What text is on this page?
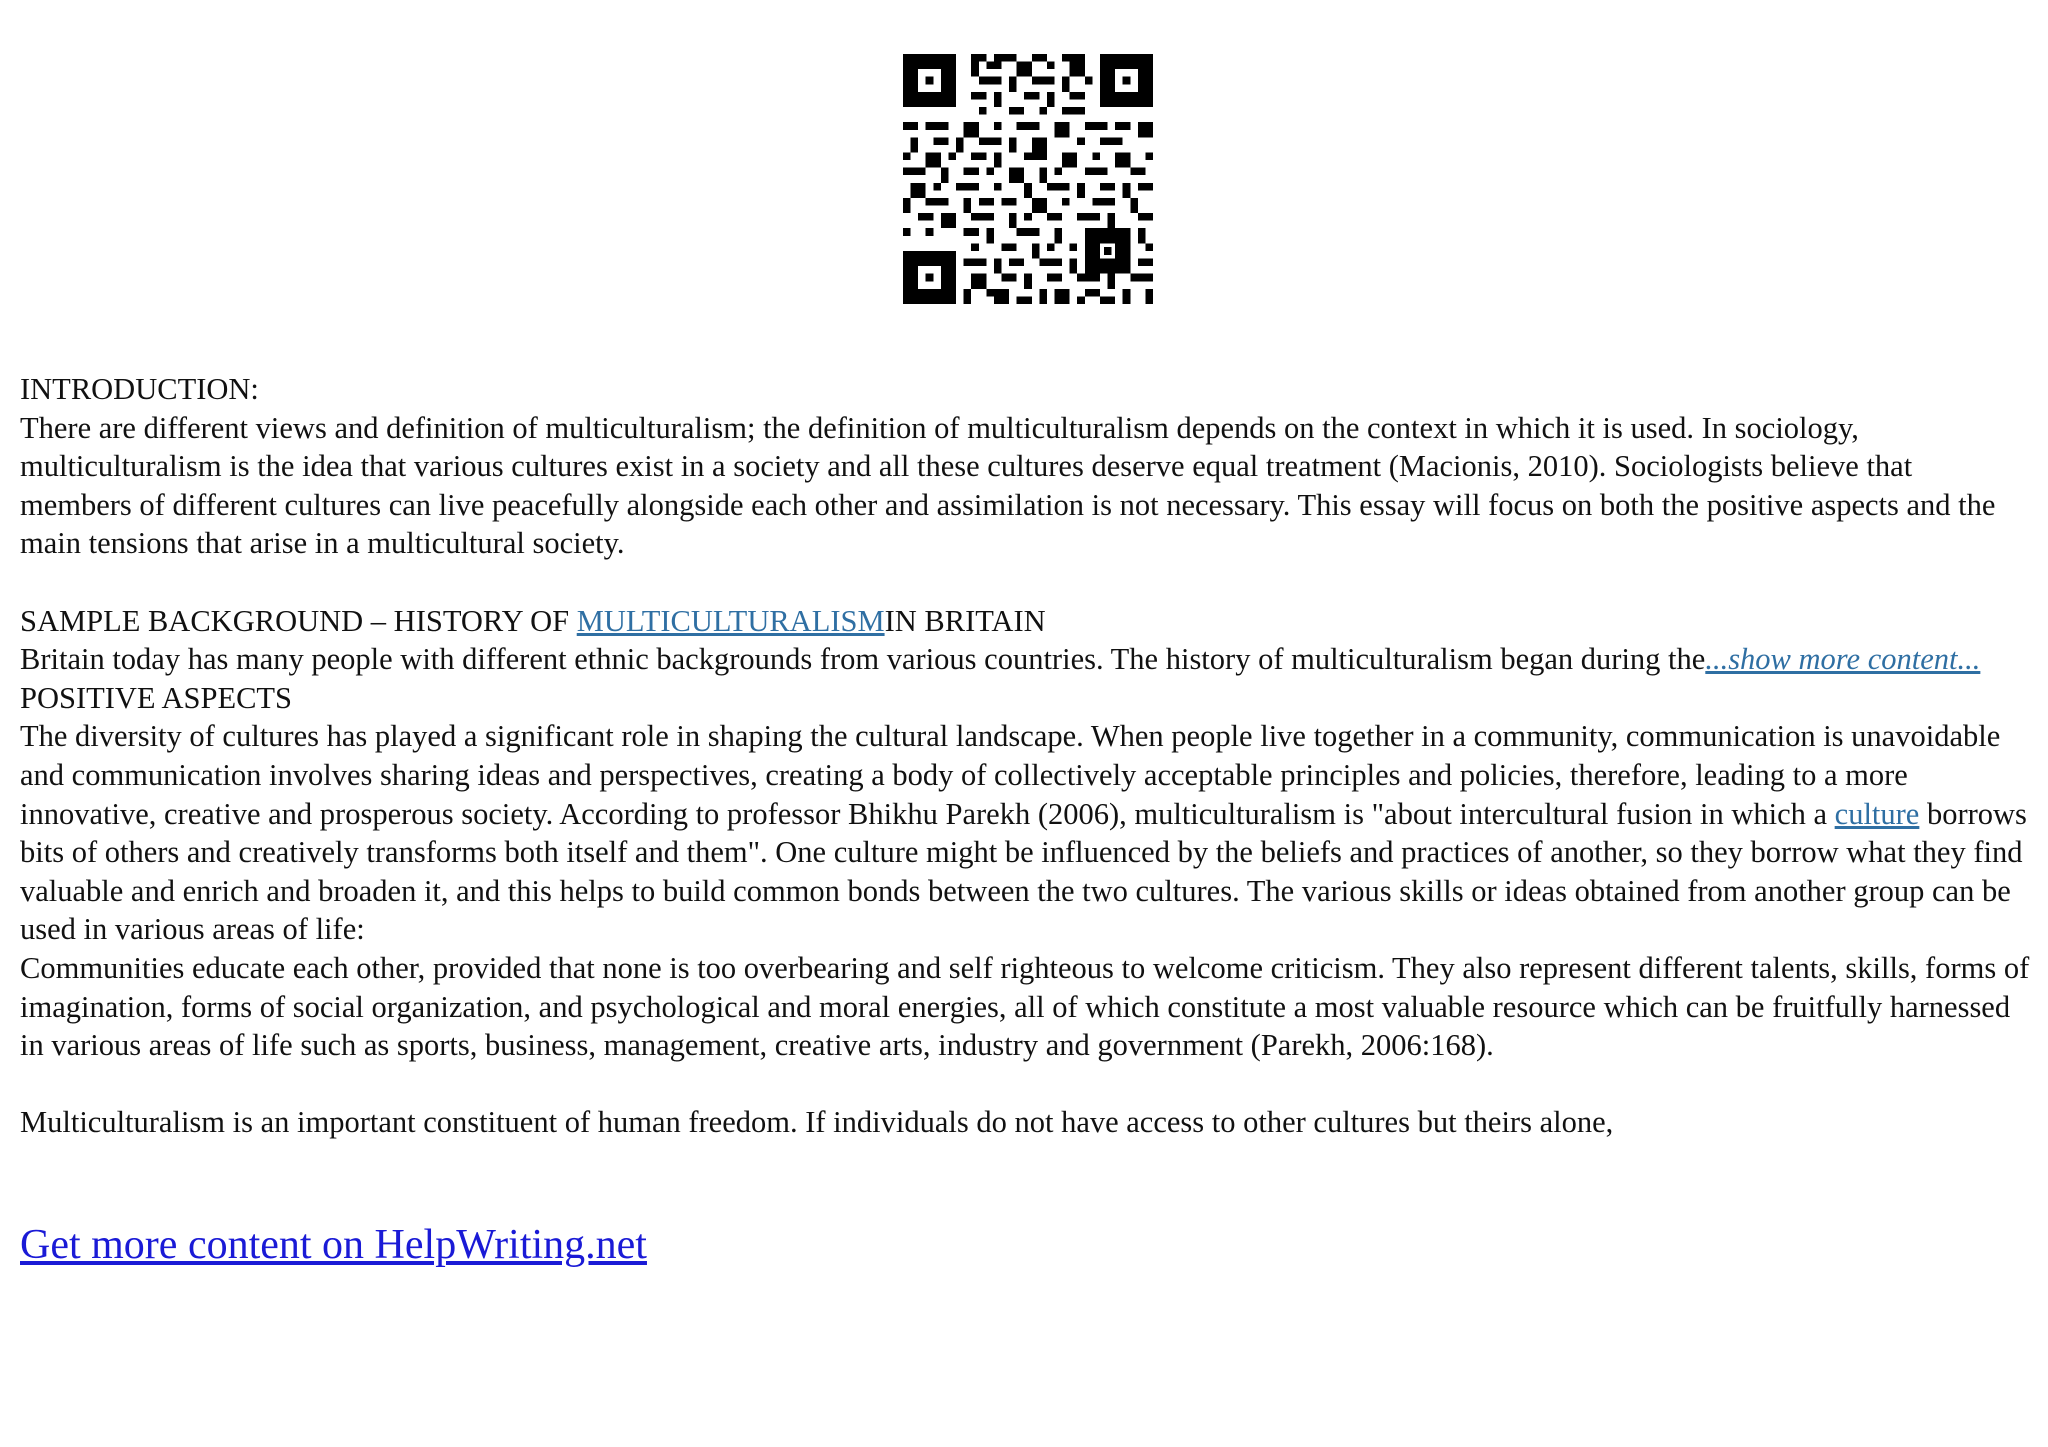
INTRODUCTION:

There are different views and definition of multiculturalism; the definition of multiculturalism depends on the context in which it is used. In sociology, multiculturalism is the idea that various cultures exist in a society and all these cultures deserve equal treatment (Macionis, 2010). Sociologists believe that members of different cultures can live peacefully alongside each other and assimilation is not necessary. This essay will focus on both the positive aspects and the main tensions that arise in a multicultural society.

SAMPLE BACKGROUND – HISTORY OF MULTICULTURALISMIN BRITAIN

Britain today has many people with different ethnic backgrounds from various countries. The history of multiculturalism began during the...show more content...

POSITIVE ASPECTS

The diversity of cultures has played a significant role in shaping the cultural landscape. When people live together in a community, communication is unavoidable and communication involves sharing ideas and perspectives, creating a body of collectively acceptable principles and policies, therefore, leading to a more innovative, creative and prosperous society. According to professor Bhikhu Parekh (2006), multiculturalism is "about intercultural fusion in which a culture borrows bits of others and creatively transforms both itself and them". One culture might be influenced by the beliefs and practices of another, so they borrow what they find valuable and enrich and broaden it, and this helps to build common bonds between the two cultures. The various skills or ideas obtained from another group can be used in various areas of life:

Communities educate each other, provided that none is too overbearing and self righteous to welcome criticism. They also represent different talents, skills, forms of imagination, forms of social organization, and psychological and moral energies, all of which constitute a most valuable resource which can be fruitfully harnessed in various areas of life such as sports, business, management, creative arts, industry and government (Parekh, 2006:168).

Multiculturalism is an important constituent of human freedom. If individuals do not have access to other cultures but theirs alone,

Get more content on HelpWriting.net
